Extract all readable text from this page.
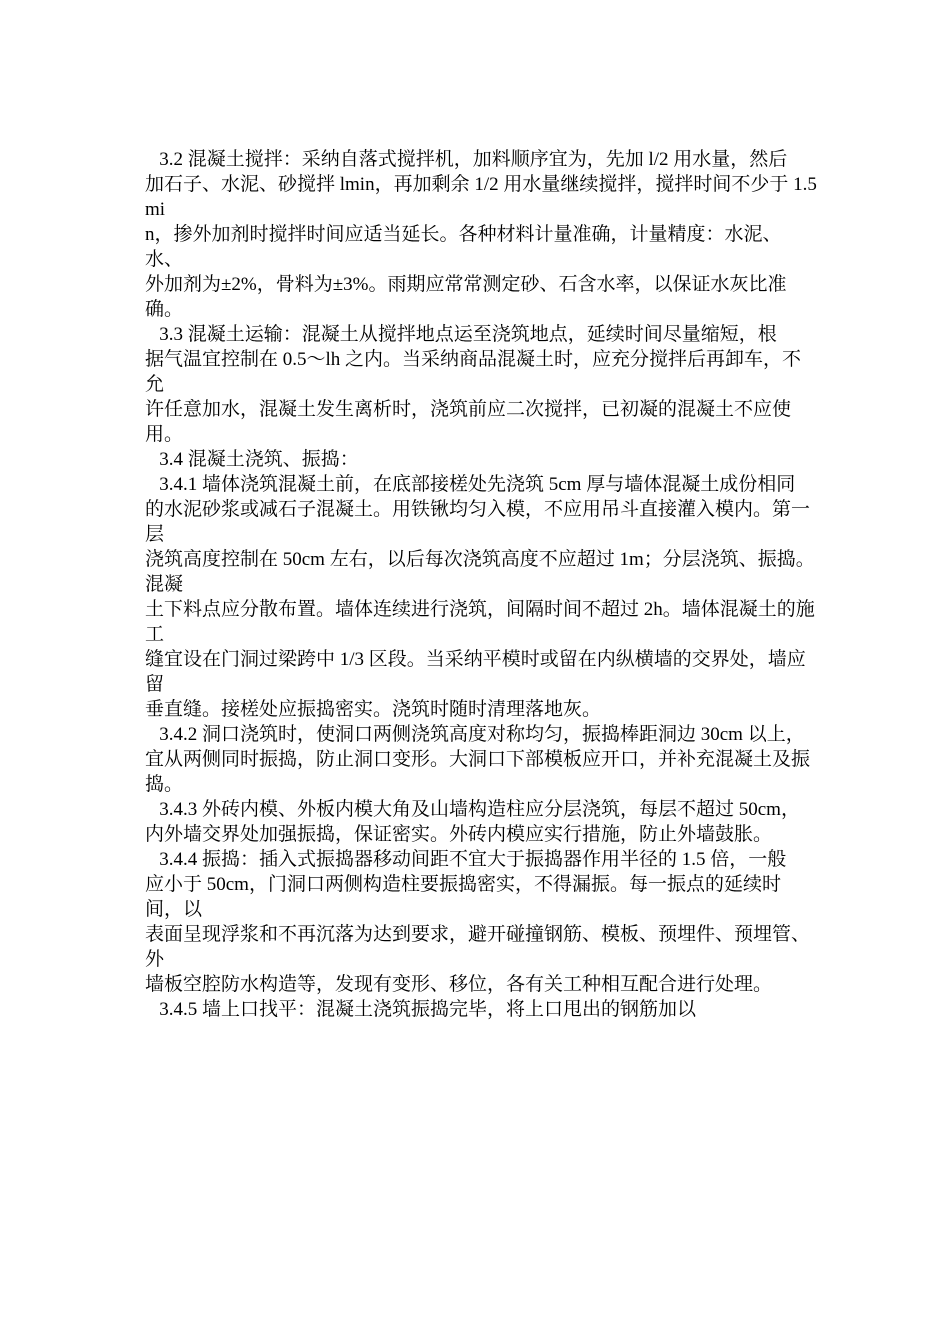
3.2 混凝土搅拌：采纳自落式搅拌机，加料顺序宜为，先加 l/2 用水量，然后

加石子、水泥、砂搅拌 lmin，再加剩余 1/2 用水量继续搅拌，搅拌时间不少于 1.5mi

n，掺外加剂时搅拌时间应适当延长。各种材料计量准确，计量精度：水泥、水、

外加剂为±2%，骨料为±3%。雨期应常常测定砂、石含水率，以保证水灰比准确。

3.3 混凝土运输：混凝土从搅拌地点运至浇筑地点，延续时间尽量缩短，根

据气温宜控制在 0.5～lh 之内。当采纳商品混凝土时，应充分搅拌后再卸车，不允

许任意加水，混凝土发生离析时，浇筑前应二次搅拌，已初凝的混凝土不应使用。

3.4 混凝土浇筑、振捣：

3.4.1 墙体浇筑混凝土前，在底部接槎处先浇筑 5cm 厚与墙体混凝土成份相同

的水泥砂浆或减石子混凝土。用铁锹均匀入模，不应用吊斗直接灌入模内。第一层

浇筑高度控制在 50cm 左右，以后每次浇筑高度不应超过 1m；分层浇筑、振捣。混凝

土下料点应分散布置。墙体连续进行浇筑，间隔时间不超过 2h。墙体混凝土的施工

缝宜设在门洞过梁跨中 1/3 区段。当采纳平模时或留在内纵横墙的交界处，墙应留

垂直缝。接槎处应振捣密实。浇筑时随时清理落地灰。

3.4.2 洞口浇筑时，使洞口两侧浇筑高度对称均匀，振捣棒距洞边 30cm 以上，

宜从两侧同时振捣，防止洞口变形。大洞口下部模板应开口，并补充混凝土及振捣。

3.4.3 外砖内模、外板内模大角及山墙构造柱应分层浇筑，每层不超过 50cm，

内外墙交界处加强振捣，保证密实。外砖内模应实行措施，防止外墙鼓胀。

3.4.4 振捣：插入式振捣器移动间距不宜大于振捣器作用半径的 1.5 倍，一般

应小于 50cm，门洞口两侧构造柱要振捣密实，不得漏振。每一振点的延续时间，以

表面呈现浮浆和不再沉落为达到要求，避开碰撞钢筋、模板、预埋件、预埋管、外

墙板空腔防水构造等，发现有变形、移位，各有关工种相互配合进行处理。

3.4.5 墙上口找平：混凝土浇筑振捣完毕，将上口甩出的钢筋加以
